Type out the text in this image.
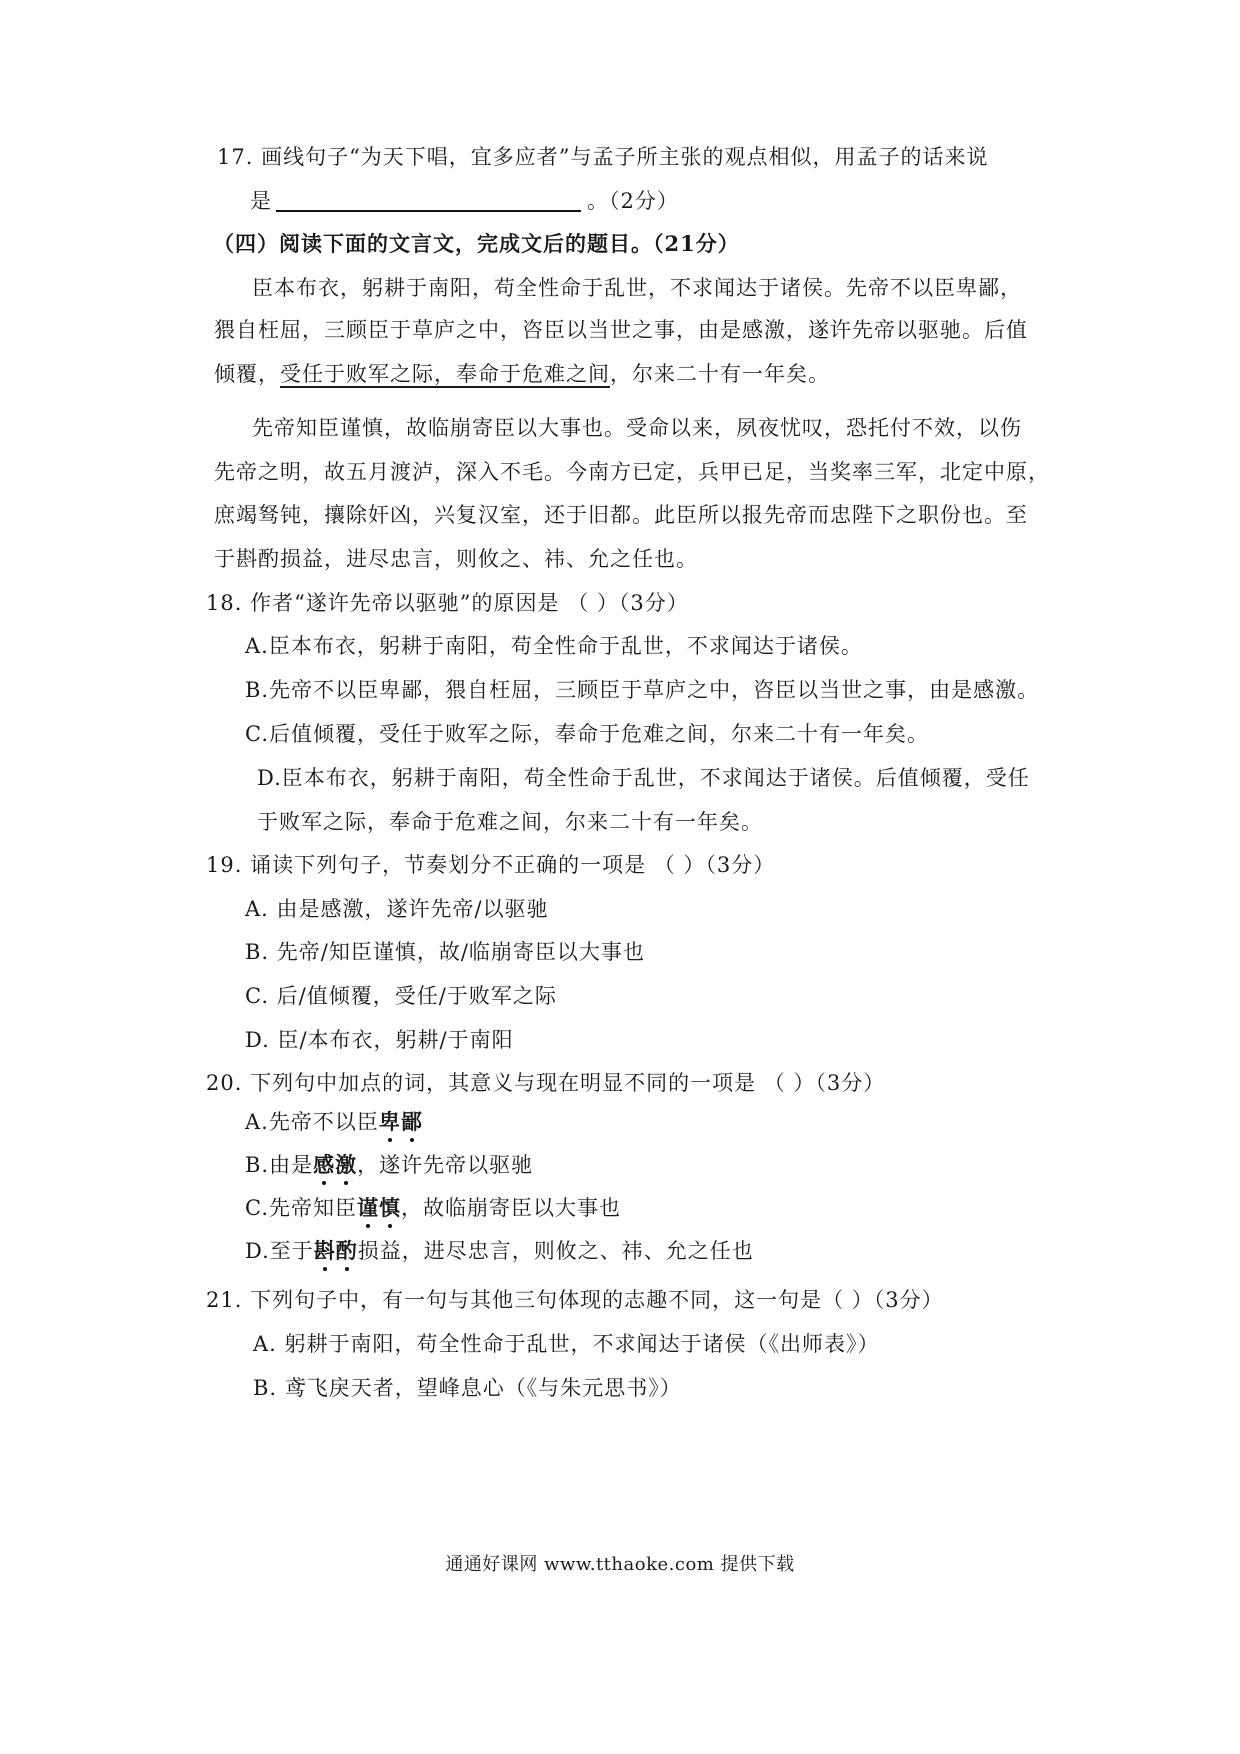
17. 画线句子“为天下唱，宜多应者”与孟子所主张的观点相似，用孟子的话来说
是	。（2分）
（四）阅读下面的文言文，完成文后的题目。（21分）
臣本布衣，躬耕于南阳，苟全性命于乱世，不求闻达于诸侯。先帝不以臣卑鄙，
猥自枉屈，三顾臣于草庐之中，咨臣以当世之事，由是感激，遂许先帝以驱驰。后值
倾覆，受任于败军之际，奉命于危难之间，尔来二十有一年矣。
先帝知臣谨慎，故临崩寄臣以大事也。受命以来，夙夜忧叹，恐托付不效，以伤
先帝之明，故五月渡泸，深入不毛。今南方已定，兵甲已足，当奖率三军，北定中原，
庶竭驽钝，攘除奸凶，兴复汉室，还于旧都。此臣所以报先帝而忠陛下之职份也。至
于斟酌损益，进尽忠言，则攸之、祎、允之任也。
18. 作者“遂许先帝以驱驰”的原因是 （ ）（3分）
A.臣本布衣，躬耕于南阳，苟全性命于乱世，不求闻达于诸侯。
B.先帝不以臣卑鄙，猥自枉屈，三顾臣于草庐之中，咨臣以当世之事，由是感激。
C.后值倾覆，受任于败军之际，奉命于危难之间，尔来二十有一年矣。
D.臣本布衣，躬耕于南阳，苟全性命于乱世，不求闻达于诸侯。后值倾覆，受任
于败军之际，奉命于危难之间，尔来二十有一年矣。
19. 诵读下列句子，节奏划分不正确的一项是 （ ）（3分）
A. 由是感激，遂许先帝/以驱驰
B. 先帝/知臣谨慎，故/临崩寄臣以大事也
C. 后/值倾覆，受任/于败军之际
D. 臣/本布衣，躬耕/于南阳
20. 下列句中加点的词，其意义与现在明显不同的一项是 （ ）（3分）
A.先帝不以臣卑鄙
B.由是感激，遂许先帝以驱驰
C.先帝知臣谨慎，故临崩寄臣以大事也
D.至于斟酌损益，进尽忠言，则攸之、祎、允之任也
21. 下列句子中，有一句与其他三句体现的志趣不同，这一句是（ ）（3分）
A. 躬耕于南阳，苟全性命于乱世，不求闻达于诸侯（《出师表》）
B. 鸢飞戾天者，望峰息心（《与朱元思书》）
通通好课网 www.tthaoke.com 提供下载
